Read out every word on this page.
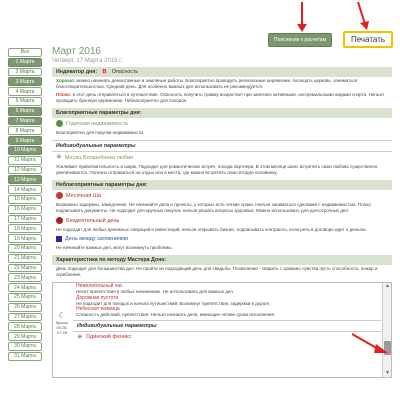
Пояснения к расчетам	Печатать
Все
1 Марта
2 Марта
3 Марта
4 Марта
5 Марта
6 Марта
7 Марта
8 Марта
9 Марта
10 Марта
11 Марта
12 Марта
13 Марта
14 Марта
15 Марта
16 Марта
17 Марта
18 Марта
19 Марта
20 Марта
21 Марта
22 Марта
23 Марта
24 Марта
25 Марта
26 Марта
27 Марта
28 Марта
29 Марта
30 Марта
31 Марта
Март 2016
Четверг, 17 Марта 2016 г.
Индикатор дня: В Опасность
Хорошо: можно начинать демонтажные и земляные работы. Благоприятно проводить религиозные церемонии, посещать церковь, заниматься благотворительностью. Средний день. Для особенно важных дел использовать не рекомендуется.
Плохо: в этот день отправляться в путешествие. Опасность получить травму возрастает при занятиях активными, экстремальными видами спорта. Нельзя проводить брачную церемонию. Неблагоприятно для похорон.
Благоприятные параметры дня:
Годичная недвижимость
Благоприятно для покупки недвижимости.
Индивидуальные параметры
✳ Месяц Волшебника любви
Усиливает привлекательность и шарм. Подходит для романтических встреч, похода партнера. В этом месяце шанс встретить свою любовь существенно увеличивается. Полезно отправиться на отдых или в места, где можно встретить свою вторую половинку.
Неблагоприятные параметры дня:
Месячная Ша
Возможны задержки, замедление. Не начинайте дела и проекты, у которых есть четкие сроки. Нельзя заниматься сделками с недвижимостью. Плохо подписывать документы. Не подходит для крупных покупок, нельзя решать вопросы здоровья. Можно использовать для долгосрочных дел.
Бездеятельный день
Не подходит для любых денежных операций и инвестиций, нельзя открывать бизнес, подписывать контракты, если речь в договоре идет о деньгах.
День между затмениями
Не начинайте важных дел, могут возникнуть проблемы.
Характеристика по методу Мастера Дона:
День подходит для большинства дел. Не пройти не подходящий день для свадьбы. Позволение - сварить с храмово чувства пусть способность, пожар и огребление.
☾
Крысы
06:28-07:28
Нежелательный час
Несет препятствия в любых начинаниях. Не использовать для важных дел.
Дорожная пустота
Не подходит для поездок и начала путешествий. Возникнут препятствия, задержки в дороге.
Небесная темница
Сложность действий, препятствия. Нельзя начинать дела, имеющие четкие сроки исполнения.
Индивидуальные параметры
✳ Одинокий феникс
▲
▼
